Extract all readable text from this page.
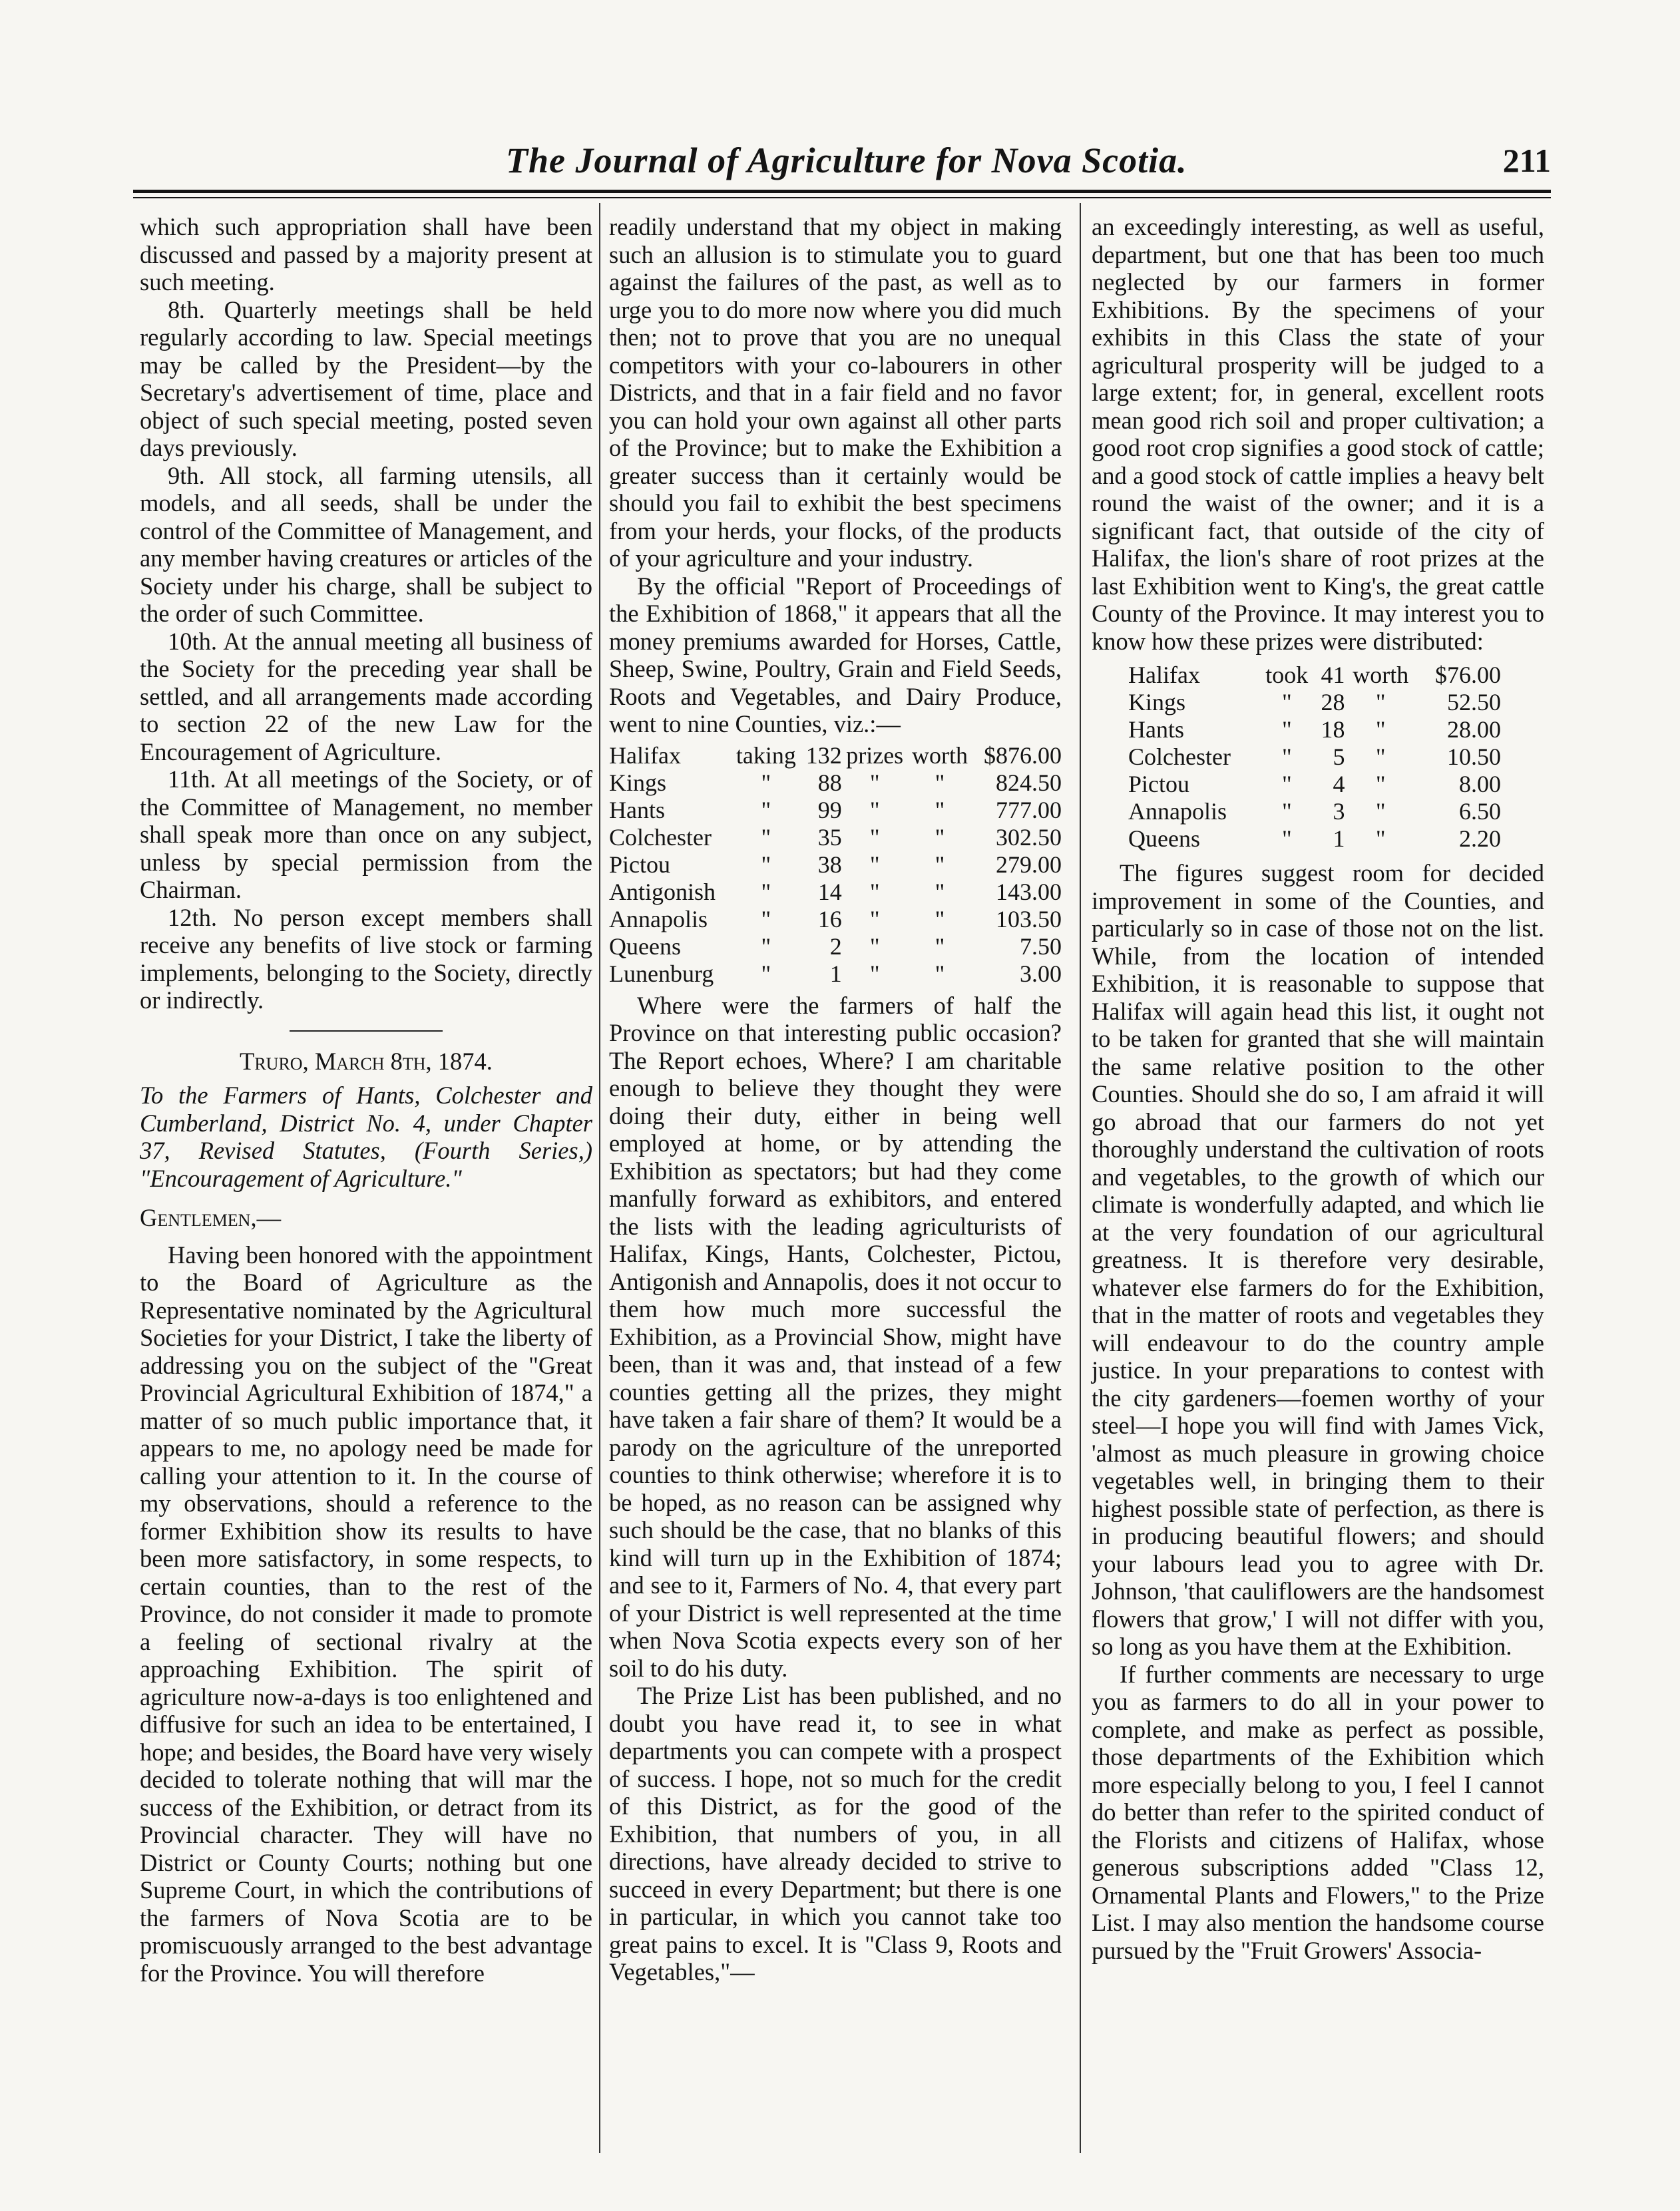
The Journal of Agriculture for Nova Scotia.	211

which such appropriation shall have been discussed and passed by a majority present at such meeting.

8th. Quarterly meetings shall be held regularly according to law. Special meetings may be called by the President—by the Secretary's advertisement of time, place and object of such special meeting, posted seven days previously.

9th. All stock, all farming utensils, all models, and all seeds, shall be under the control of the Committee of Management, and any member having creatures or articles of the Society under his charge, shall be subject to the order of such Committee.

10th. At the annual meeting all business of the Society for the preceding year shall be settled, and all arrangements made according to section 22 of the new Law for the Encouragement of Agriculture.

11th. At all meetings of the Society, or of the Committee of Management, no member shall speak more than once on any subject, unless by special permission from the Chairman.

12th. No person except members shall receive any benefits of live stock or farming implements, belonging to the Society, directly or indirectly.

Truro, March 8th, 1874.

To the Farmers of Hants, Colchester and Cumberland, District No. 4, under Chapter 37, Revised Statutes, (Fourth Series,) "Encouragement of Agriculture."

Gentlemen,—

Having been honored with the appointment to the Board of Agriculture as the Representative nominated by the Agricultural Societies for your District, I take the liberty of addressing you on the subject of the "Great Provincial Agricultural Exhibition of 1874," a matter of so much public importance that, it appears to me, no apology need be made for calling your attention to it. In the course of my observations, should a reference to the former Exhibition show its results to have been more satisfactory, in some respects, to certain counties, than to the rest of the Province, do not consider it made to promote a feeling of sectional rivalry at the approaching Exhibition. The spirit of agriculture now-a-days is too enlightened and diffusive for such an idea to be entertained, I hope; and besides, the Board have very wisely decided to tolerate nothing that will mar the success of the Exhibition, or detract from its Provincial character. They will have no District or County Courts; nothing but one Supreme Court, in which the contributions of the farmers of Nova Scotia are to be promiscuously arranged to the best advantage for the Province. You will therefore

readily understand that my object in making such an allusion is to stimulate you to guard against the failures of the past, as well as to urge you to do more now where you did much then; not to prove that you are no unequal competitors with your co-labourers in other Districts, and that in a fair field and no favor you can hold your own against all other parts of the Province; but to make the Exhibition a greater success than it certainly would be should you fail to exhibit the best specimens from your herds, your flocks, of the products of your agriculture and your industry.

By the official "Report of Proceedings of the Exhibition of 1868," it appears that all the money premiums awarded for Horses, Cattle, Sheep, Swine, Poultry, Grain and Field Seeds, Roots and Vegetables, and Dairy Produce, went to nine Counties, viz.:—

Halifax	taking	132	prizes	worth	$876.00
Kings	"	88	"	"	824.50
Hants	"	99	"	"	777.00
Colchester	"	35	"	"	302.50
Pictou	"	38	"	"	279.00
Antigonish	"	14	"	"	143.00
Annapolis	"	16	"	"	103.50
Queens	"	2	"	"	7.50
Lunenburg	"	1	"	"	3.00

Where were the farmers of half the Province on that interesting public occasion? The Report echoes, Where? I am charitable enough to believe they thought they were doing their duty, either in being well employed at home, or by attending the Exhibition as spectators; but had they come manfully forward as exhibitors, and entered the lists with the leading agriculturists of Halifax, Kings, Hants, Colchester, Pictou, Antigonish and Annapolis, does it not occur to them how much more successful the Exhibition, as a Provincial Show, might have been, than it was and, that instead of a few counties getting all the prizes, they might have taken a fair share of them? It would be a parody on the agriculture of the unreported counties to think otherwise; wherefore it is to be hoped, as no reason can be assigned why such should be the case, that no blanks of this kind will turn up in the Exhibition of 1874; and see to it, Farmers of No. 4, that every part of your District is well represented at the time when Nova Scotia expects every son of her soil to do his duty.

The Prize List has been published, and no doubt you have read it, to see in what departments you can compete with a prospect of success. I hope, not so much for the credit of this District, as for the good of the Exhibition, that numbers of you, in all directions, have already decided to strive to succeed in every Department; but there is one in particular, in which you cannot take too great pains to excel. It is "Class 9, Roots and Vegetables,"—

an exceedingly interesting, as well as useful, department, but one that has been too much neglected by our farmers in former Exhibitions. By the specimens of your exhibits in this Class the state of your agricultural prosperity will be judged to a large extent; for, in general, excellent roots mean good rich soil and proper cultivation; a good root crop signifies a good stock of cattle; and a good stock of cattle implies a heavy belt round the waist of the owner; and it is a significant fact, that outside of the city of Halifax, the lion's share of root prizes at the last Exhibition went to King's, the great cattle County of the Province. It may interest you to know how these prizes were distributed:

Halifax	took	41	worth	$76.00
Kings	"	28	"	52.50
Hants	"	18	"	28.00
Colchester	"	5	"	10.50
Pictou	"	4	"	8.00
Annapolis	"	3	"	6.50
Queens	"	1	"	2.20

The figures suggest room for decided improvement in some of the Counties, and particularly so in case of those not on the list. While, from the location of intended Exhibition, it is reasonable to suppose that Halifax will again head this list, it ought not to be taken for granted that she will maintain the same relative position to the other Counties. Should she do so, I am afraid it will go abroad that our farmers do not yet thoroughly understand the cultivation of roots and vegetables, to the growth of which our climate is wonderfully adapted, and which lie at the very foundation of our agricultural greatness. It is therefore very desirable, whatever else farmers do for the Exhibition, that in the matter of roots and vegetables they will endeavour to do the country ample justice. In your preparations to contest with the city gardeners—foemen worthy of your steel—I hope you will find with James Vick, 'almost as much pleasure in growing choice vegetables well, in bringing them to their highest possible state of perfection, as there is in producing beautiful flowers; and should your labours lead you to agree with Dr. Johnson, 'that cauliflowers are the handsomest flowers that grow,' I will not differ with you, so long as you have them at the Exhibition.

If further comments are necessary to urge you as farmers to do all in your power to complete, and make as perfect as possible, those departments of the Exhibition which more especially belong to you, I feel I cannot do better than refer to the spirited conduct of the Florists and citizens of Halifax, whose generous subscriptions added "Class 12, Ornamental Plants and Flowers," to the Prize List. I may also mention the handsome course pursued by the "Fruit Growers' Associa-
